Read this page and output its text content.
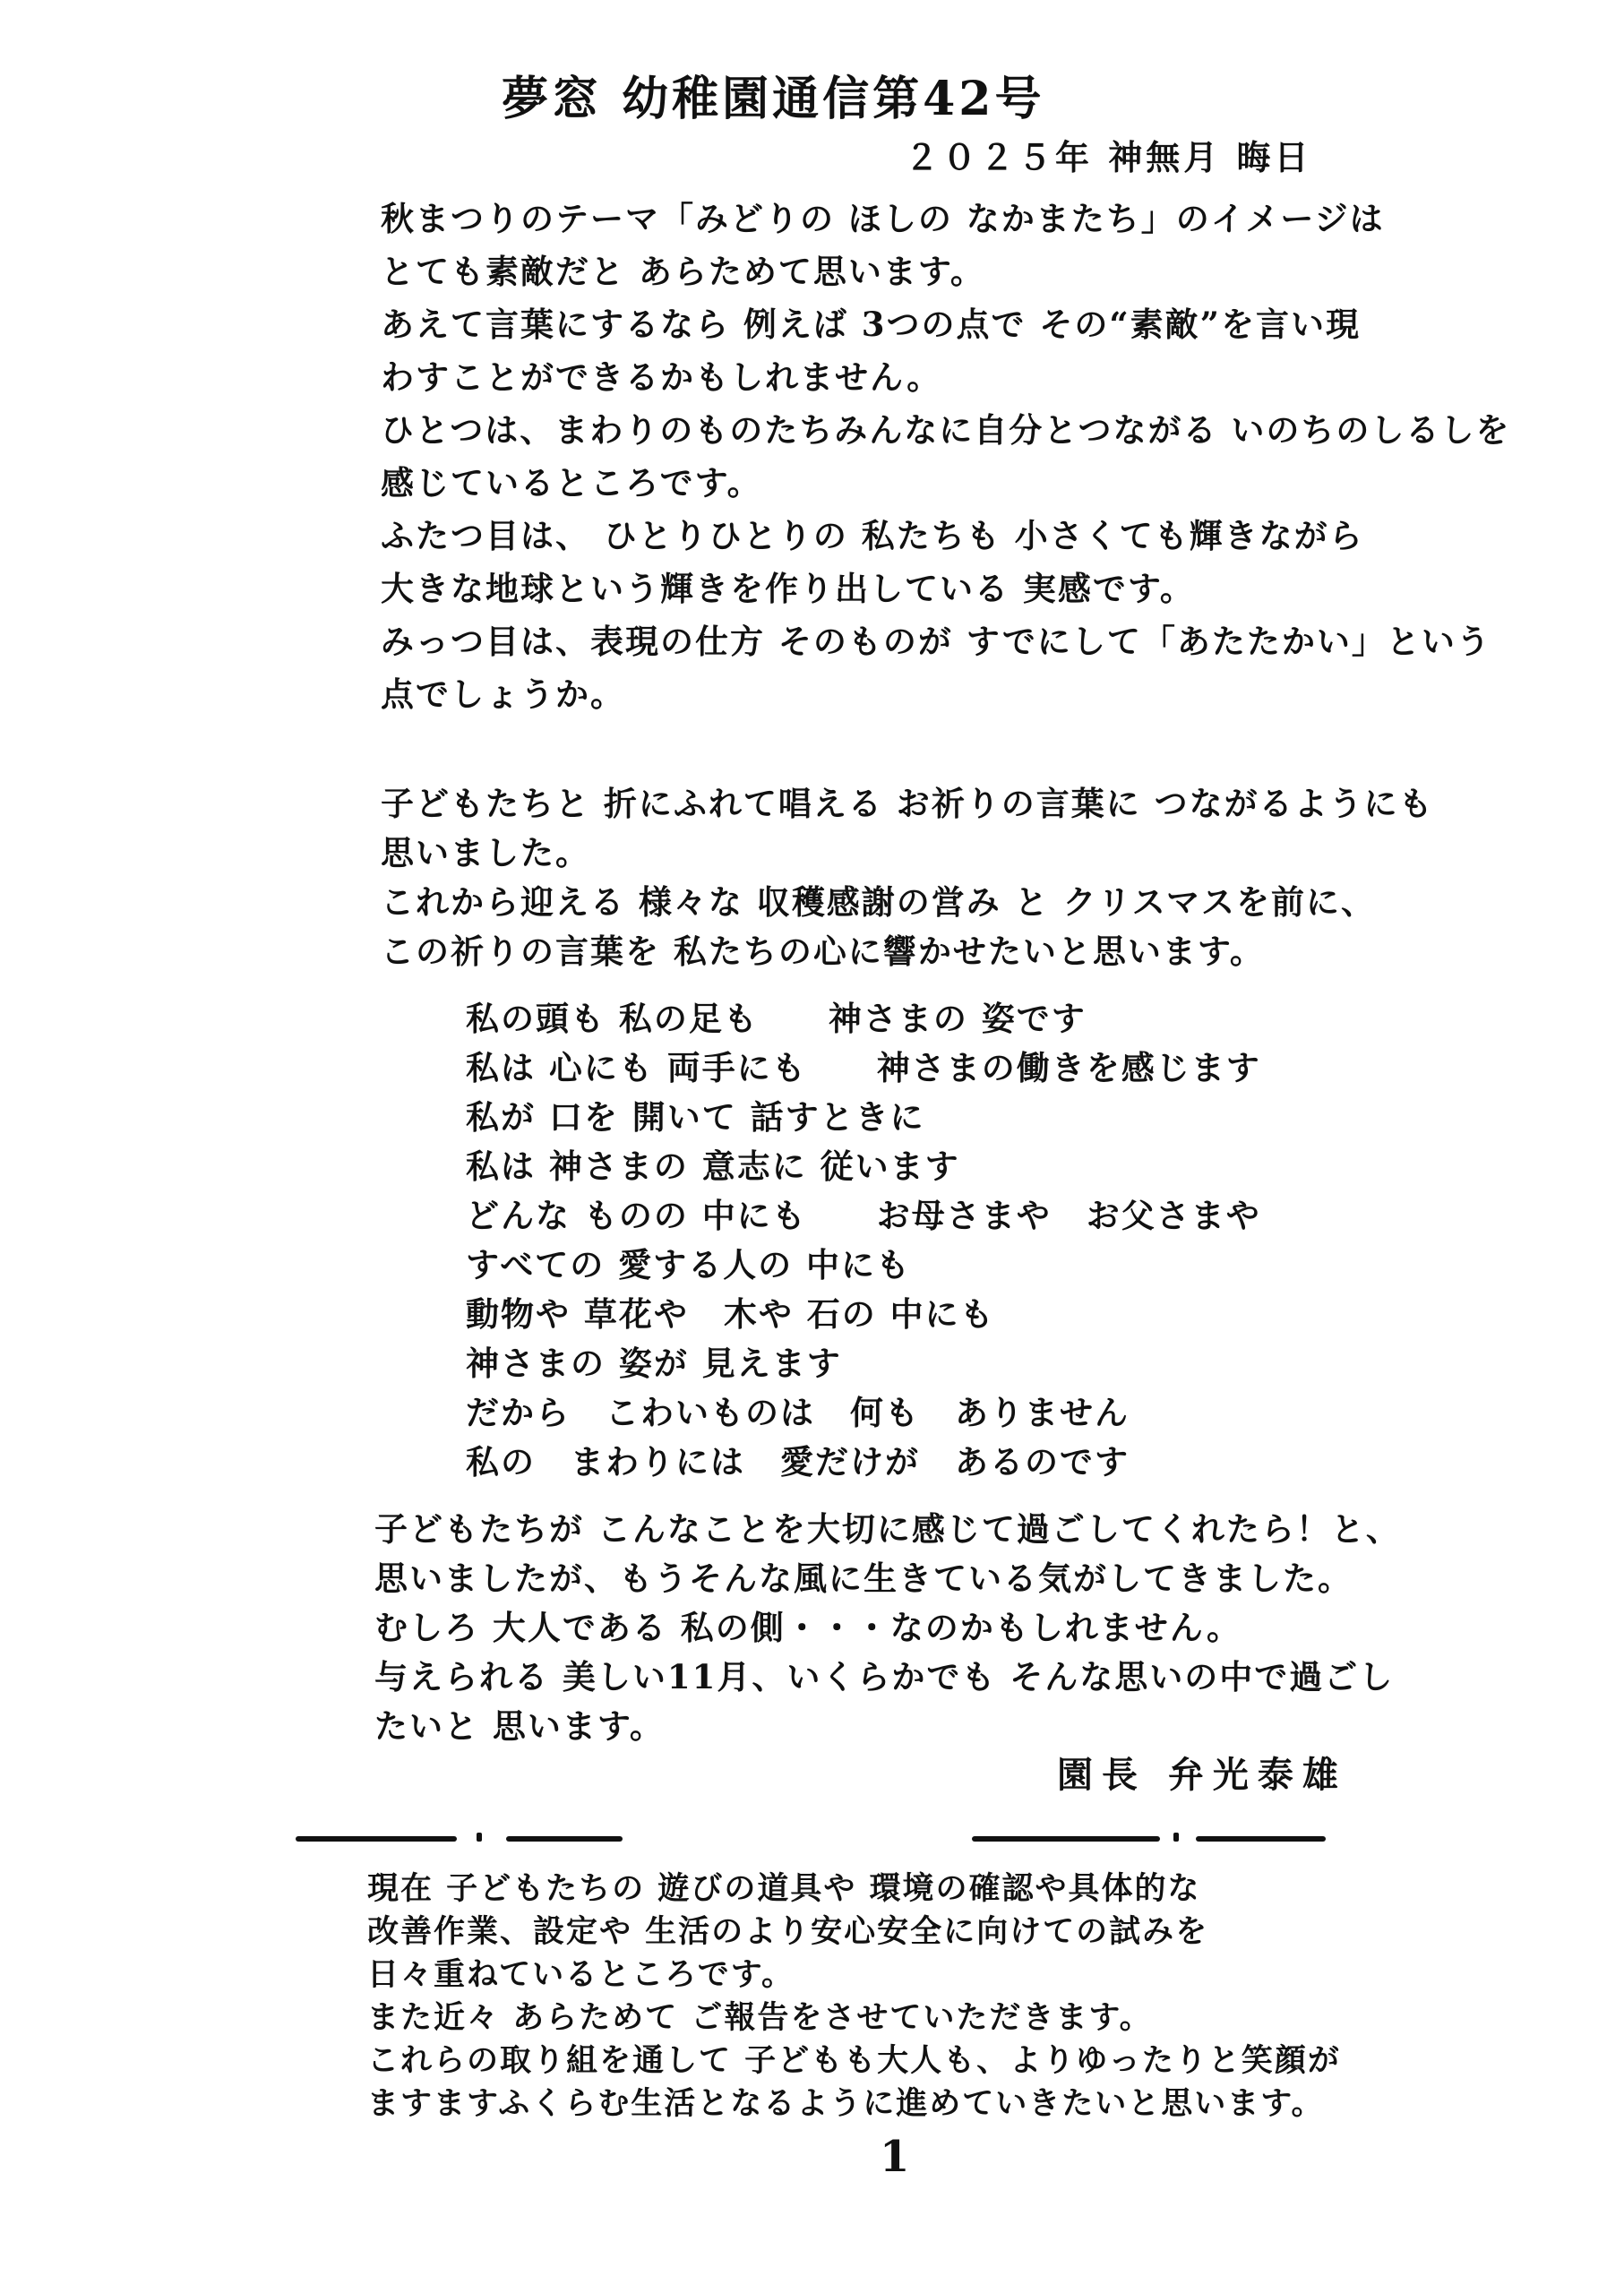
夢窓 幼稚園通信第42号
２０２５年 神無月 晦日
秋まつりのテーマ「みどりの ほしの なかまたち」のイメージは
とても素敵だと あらためて思います。
あえて言葉にするなら 例えば 3つの点で その“素敵”を言い現
わすことができるかもしれません。
ひとつは、まわりのものたちみんなに自分とつながる いのちのしるしを
感じているところです。
ふたつ目は、 ひとりひとりの 私たちも 小さくても輝きながら
大きな地球という輝きを作り出している 実感です。
みっつ目は、表現の仕方 そのものが すでにして「あたたかい」という
点でしょうか。
子どもたちと 折にふれて唱える お祈りの言葉に つながるようにも
思いました。
これから迎える 様々な 収穫感謝の営み と クリスマスを前に、
この祈りの言葉を 私たちの心に響かせたいと思います。
私の頭も 私の足も　　神さまの 姿です
私は 心にも 両手にも　　神さまの働きを感じます
私が 口を 開いて 話すときに
私は 神さまの 意志に 従います
どんな ものの 中にも　　お母さまや　お父さまや
すべての 愛する人の 中にも
動物や 草花や　木や 石の 中にも
神さまの 姿が 見えます
だから　こわいものは　何も　ありません
私の　まわりには　愛だけが　あるのです
子どもたちが こんなことを大切に感じて過ごしてくれたら！と、
思いましたが、もうそんな風に生きている気がしてきました。
むしろ 大人である 私の側・・・なのかもしれません。
与えられる 美しい11月、いくらかでも そんな思いの中で過ごし
たいと 思います。
園長 弁光泰雄
現在 子どもたちの 遊びの道具や 環境の確認や具体的な
改善作業、設定や 生活のより安心安全に向けての試みを
日々重ねているところです。
また近々 あらためて ご報告をさせていただきます。
これらの取り組を通して 子どもも大人も、よりゆったりと笑顔が
ますますふくらむ生活となるように進めていきたいと思います。
1
